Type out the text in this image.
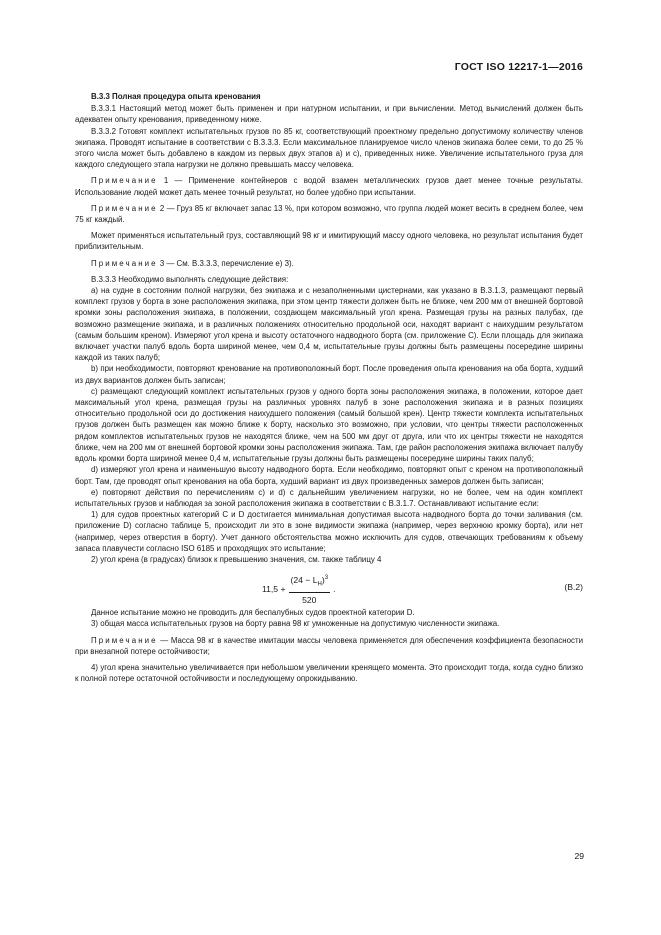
ГОСТ ISO 12217-1—2016

B.3.3 Полная процедура опыта кренования

В.3.3.1 Настоящий метод может быть применен и при натурном испытании, и при вычислении. Метод вычислений должен быть адекватен опыту кренования, приведенному ниже.

В.3.3.2 Готовят комплект испытательных грузов по 85 кг, соответствующий проектному предельно допустимому количеству членов экипажа. Проводят испытание в соответствии с В.3.3.3. Если максимальное планируемое число членов экипажа более семи, то до 25 % этого числа может быть добавлено в каждом из первых двух этапов а) и с), приведенных ниже. Увеличение испытательного груза для каждого следующего этапа нагрузки не должно превышать массу человека.

Примечание 1 — Применение контейнеров с водой взамен металлических грузов дает менее точные результаты. Использование людей может дать менее точный результат, но более удобно при испытании.

Примечание 2 — Груз 85 кг включает запас 13 %, при котором возможно, что группа людей может весить в среднем более, чем 75 кг каждый.

Может применяться испытательный груз, составляющий 98 кг и имитирующий массу одного человека, но результат испытания будет приблизительным.

Примечание 3 — См. В.3.3.3, перечисление е) 3).

В.3.3.3 Необходимо выполнять следующие действия:

а) на судне в состоянии полной нагрузки, без экипажа и с незаполненными цистернами, как указано в В.3.1.3, размещают первый комплект грузов у борта в зоне расположения экипажа, при этом центр тяжести должен быть не ближе, чем 200 мм от внешней бортовой кромки зоны расположения экипажа, в положении, создающем максимальный угол крена. Размещая грузы на разных палубах, где возможно размещение экипажа, и в различных положениях относительно продольной оси, находят вариант с наихудшим результатом (самым большим креном). Измеряют угол крена и высоту остаточного надводного борта (см. приложение С). Если площадь для экипажа включает участки палуб вдоль борта шириной менее, чем 0,4 м, испытательные грузы должны быть размещены посередине ширины каждой из таких палуб;

b) при необходимости, повторяют кренование на противоположный борт. После проведения опыта кренования на оба борта, худший из двух вариантов должен быть записан;

с) размещают следующий комплект испытательных грузов у одного борта зоны расположения экипажа, в положении, которое дает максимальный угол крена, размещая грузы на различных уровнях палуб в зоне расположения экипажа и в разных позициях относительно продольной оси до достижения наихудшего положения (самый большой крен). Центр тяжести комплекта испытательных грузов должен быть размещен как можно ближе к борту, насколько это возможно, при условии, что центры тяжести расположенных рядом комплектов испытательных грузов не находятся ближе, чем на 500 мм друг от друга, или что их центры тяжести не находятся ближе, чем на 200 мм от внешней бортовой кромки зоны расположения экипажа. Там, где район расположения экипажа включает палубу вдоль кромки борта шириной менее 0,4 м, испытательные грузы должны быть размещены посередине ширины таких палуб;

d) измеряют угол крена и наименьшую высоту надводного борта. Если необходимо, повторяют опыт с креном на противоположный борт. Там, где проводят опыт кренования на оба борта, худший вариант из двух произведенных замеров должен быть записан;

е) повторяют действия по перечислениям с) и d) с дальнейшим увеличением нагрузки, но не более, чем на один комплект испытательных грузов и наблюдая за зоной расположения экипажа в соответствии с В.3.1.7. Останавливают испытание если:

1) для судов проектных категорий С и D достигается минимальная допустимая высота надводного борта до точки заливания (см. приложение D) согласно таблице 5, происходит ли это в зоне видимости экипажа (например, через верхнюю кромку борта), или нет (например, через отверстия в борту). Учет данного обстоятельства можно исключить для судов, отвечающих требованиям к объему запаса плавучести согласно ISO 6185 и проходящих это испытание;

2) угол крена (в градусах) близок к превышению значения, см. также таблицу 4

$11,5 + \frac{(24 - L_H)^3}{520}$ .	(B.2)

Данное испытание можно не проводить для беспалубных судов проектной категории D.

3) общая масса испытательных грузов на борту равна 98 кг умноженные на допустимую численности экипажа.

Примечание — Масса 98 кг в качестве имитации массы человека применяется для обеспечения коэффициента безопасности при внезапной потере остойчивости;

4) угол крена значительно увеличивается при небольшом увеличении кренящего момента. Это происходит тогда, когда судно близко к полной потере остаточной остойчивости и последующему опрокидыванию.

29
